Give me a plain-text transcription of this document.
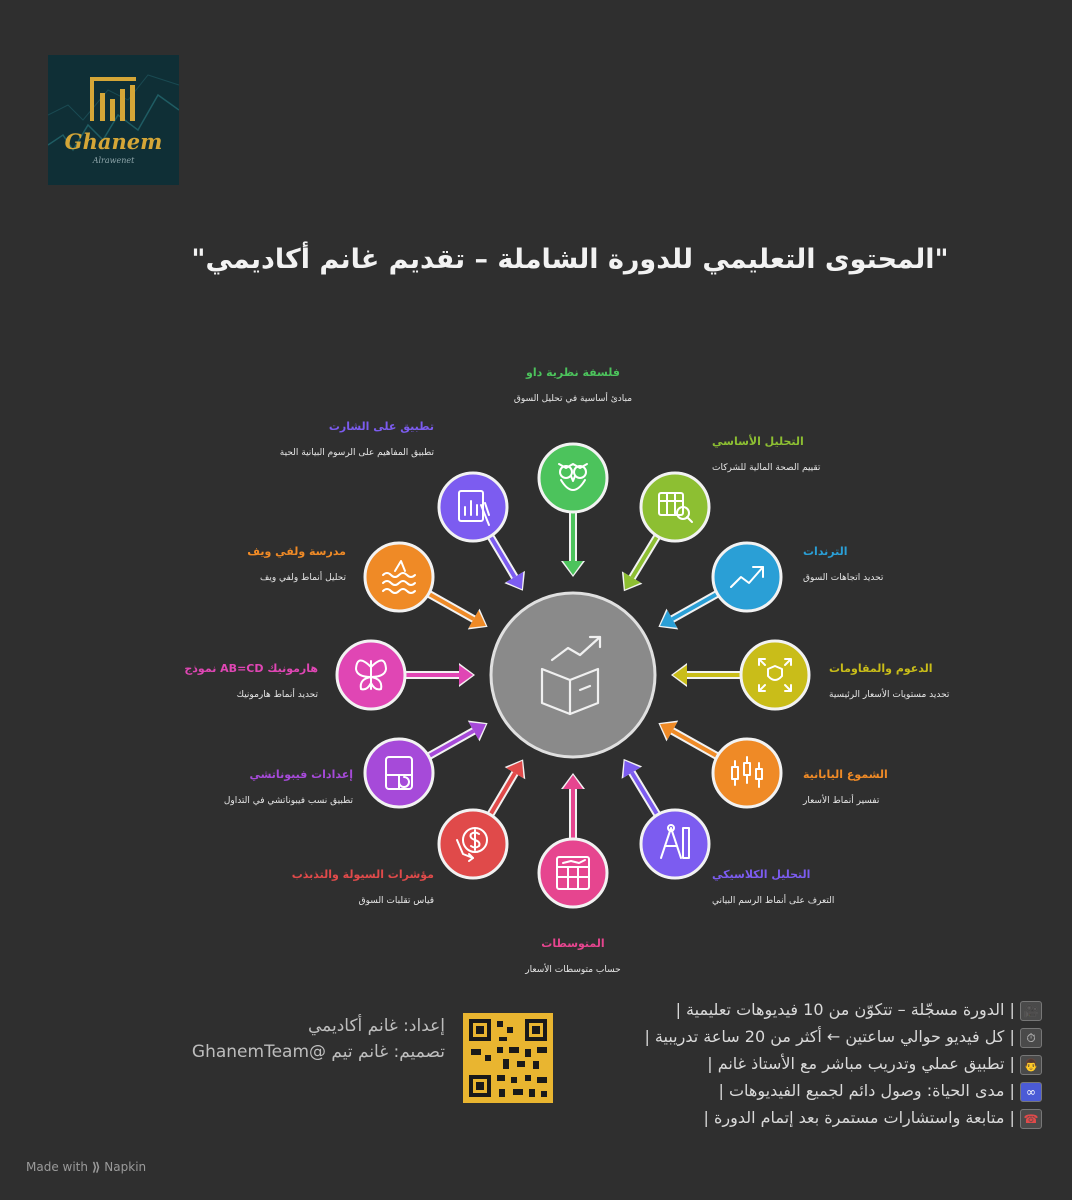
Ghanem
Alrawenet
"المحتوى التعليمي للدورة الشاملة – تقديم غانم أكاديمي"
فلسفة نظرية داو
مبادئ أساسية في تحليل السوق
التحليل الأساسي
تقييم الصحة المالية للشركات
الترندات
تحديد اتجاهات السوق
الدعوم والمقاومات
تحديد مستويات الأسعار الرئيسية
الشموع اليابانية
تفسير أنماط الأسعار
التحليل الكلاسيكي
التعرف على أنماط الرسم البياني
المتوسطات
حساب متوسطات الأسعار
مؤشرات السيولة والتذبذب
قياس تقلبات السوق
إعدادات فيبوناتشي
تطبيق نسب فيبوناتشي في التداول
هارمونيك AB=CD نموذج
تحديد أنماط هارمونيك
مدرسة ولفي ويف
تحليل أنماط ولفي ويف
تطبيق على الشارت
تطبيق المفاهيم على الرسوم البيانية الحية
إعداد: غانم أكاديمي
تصميم: غانم تيم @GhanemTeam
🎥 | الدورة مسجّلة – تتكوّن من 10 فيديوهات تعليمية |
⏱ | كل فيديو حوالي ساعتين ← أكثر من 20 ساعة تدريبية |
👨 | تطبيق عملي وتدريب مباشر مع الأستاذ غانم |
∞ | مدى الحياة: وصول دائم لجميع الفيديوهات |
☎ | متابعة واستشارات مستمرة بعد إتمام الدورة |
Made with ⟫ Napkin
